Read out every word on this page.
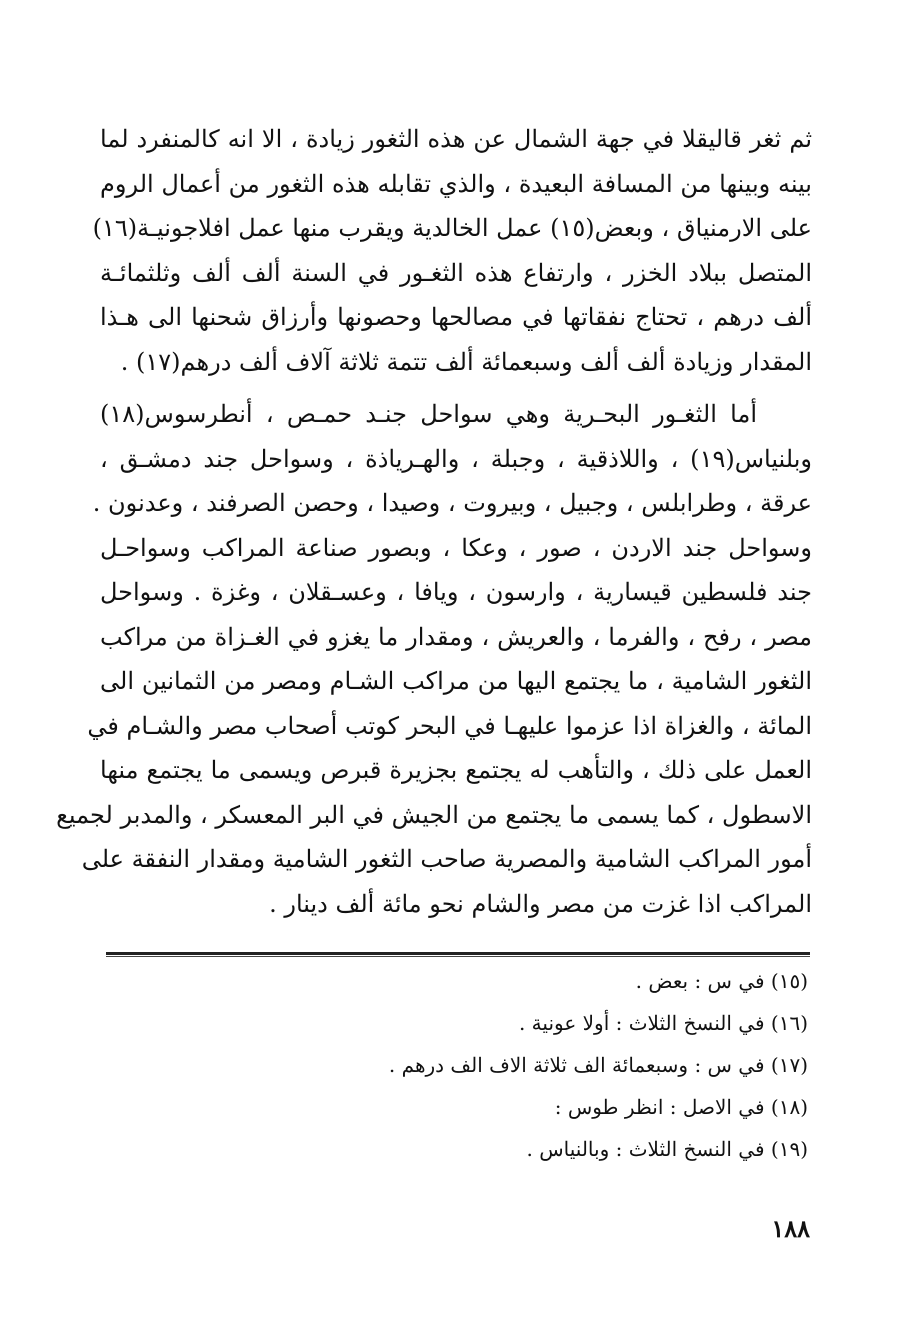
ثم ثغر قاليقلا في جهة الشمال عن هذه الثغور زيادة ، الا انه كالمنفرد لما
بينه وبينها من المسافة البعيدة ، والذي تقابله هذه الثغور من أعمال الروم
على الارمنياق ، وبعض(١٥) عمل الخالدية ويقرب منها عمل افلاجونيـة(١٦)
المتصل ببلاد الخزر ، وارتفاع هذه الثغـور في السنة ألف ألف وثلثمائـة
ألف درهم ، تحتاج نفقاتها في مصالحها وحصونها وأرزاق شحنها الى هـذا
المقدار وزيادة ألف ألف وسبعمائة ألف تتمة ثلاثة آلاف ألف درهم(١٧) .
أما الثغـور البحـرية وهي سواحل جنـد حمـص ، أنطرسوس(١٨)
وبلنياس(١٩) ، واللاذقية ، وجبلة ، والهـرياذة ، وسواحل جند دمشـق ،
عرقة ، وطرابلس ، وجبيل ، وبيروت ، وصيدا ، وحصن الصرفند ، وعدنون .
وسواحل جند الاردن ، صور ، وعكا ، وبصور صناعة المراكب وسواحـل
جند فلسطين قيسارية ، وارسون ، ويافا ، وعسـقلان ، وغزة . وسواحل
مصر ، رفح ، والفرما ، والعريش ، ومقدار ما يغزو في الغـزاة من مراكب
الثغور الشامية ، ما يجتمع اليها من مراكب الشـام ومصر من الثمانين الى
المائة ، والغزاة اذا عزموا عليهـا في البحر كوتب أصحاب مصر والشـام في
العمل على ذلك ، والتأهب له يجتمع بجزيرة قبرص ويسمى ما يجتمع منها
الاسطول ، كما يسمى ما يجتمع من الجيش في البر المعسكر ، والمدبر لجميع
أمور المراكب الشامية والمصرية صاحب الثغور الشامية ومقدار النفقة على
المراكب اذا غزت من مصر والشام نحو مائة ألف دينار .
(١٥) في س : بعض .
(١٦) في النسخ الثلاث : أولا عونية .
(١٧) في س : وسبعمائة الف ثلاثة الاف الف درهم .
(١٨) في الاصل : انظر طوس :
(١٩) في النسخ الثلاث : وبالنياس .
١٨٨
